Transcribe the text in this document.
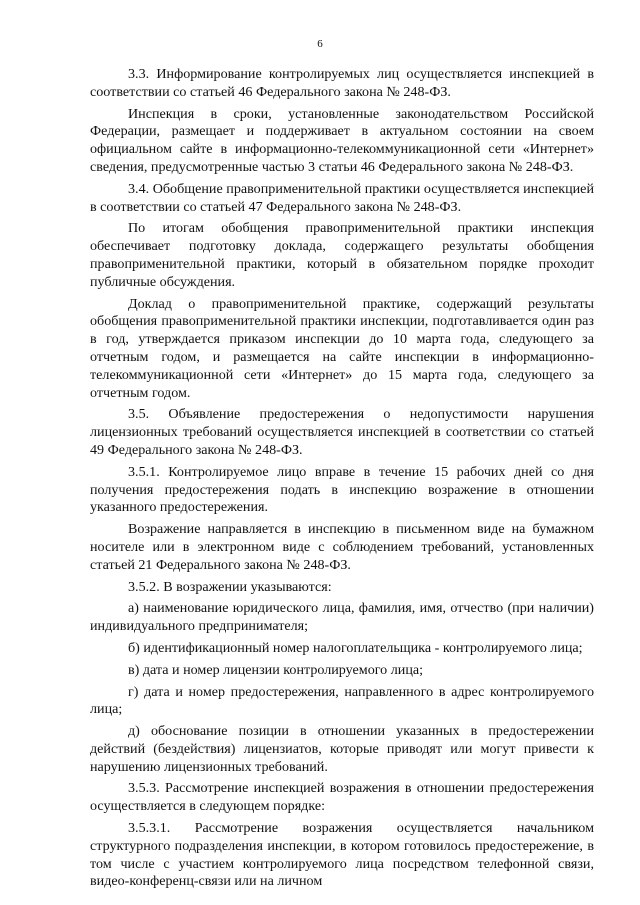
6

3.3. Информирование контролируемых лиц осуществляется инспекцией в соответствии со статьей 46 Федерального закона № 248-ФЗ.

Инспекция в сроки, установленные законодательством Российской Федерации, размещает и поддерживает в актуальном состоянии на своем официальном сайте в информационно-телекоммуникационной сети «Интернет» сведения, предусмотренные частью 3 статьи 46 Федерального закона № 248-ФЗ.

3.4. Обобщение правоприменительной практики осуществляется инспекцией в соответствии со статьей 47 Федерального закона № 248-ФЗ.

По итогам обобщения правоприменительной практики инспекция обеспечивает подготовку доклада, содержащего результаты обобщения правоприменительной практики, который в обязательном порядке проходит публичные обсуждения.

Доклад о правоприменительной практике, содержащий результаты обобщения правоприменительной практики инспекции, подготавливается один раз в год, утверждается приказом инспекции до 10 марта года, следующего за отчетным годом, и размещается на сайте инспекции в информационно-телекоммуникационной сети «Интернет» до 15 марта года, следующего за отчетным годом.

3.5. Объявление предостережения о недопустимости нарушения лицензионных требований осуществляется инспекцией в соответствии со статьей 49 Федерального закона № 248-ФЗ.

3.5.1. Контролируемое лицо вправе в течение 15 рабочих дней со дня получения предостережения подать в инспекцию возражение в отношении указанного предостережения.

Возражение направляется в инспекцию в письменном виде на бумажном носителе или в электронном виде с соблюдением требований, установленных статьей 21 Федерального закона № 248-ФЗ.

3.5.2. В возражении указываются:

а) наименование юридического лица, фамилия, имя, отчество (при наличии) индивидуального предпринимателя;

б) идентификационный номер налогоплательщика - контролируемого лица;

в) дата и номер лицензии контролируемого лица;

г) дата и номер предостережения, направленного в адрес контролируемого лица;

д) обоснование позиции в отношении указанных в предостережении действий (бездействия) лицензиатов, которые приводят или могут привести к нарушению лицензионных требований.

3.5.3. Рассмотрение инспекцией возражения в отношении предостережения осуществляется в следующем порядке:

3.5.3.1. Рассмотрение возражения осуществляется начальником структурного подразделения инспекции, в котором готовилось предостережение, в том числе с участием контролируемого лица посредством телефонной связи, видео-конференц-связи или на личном
